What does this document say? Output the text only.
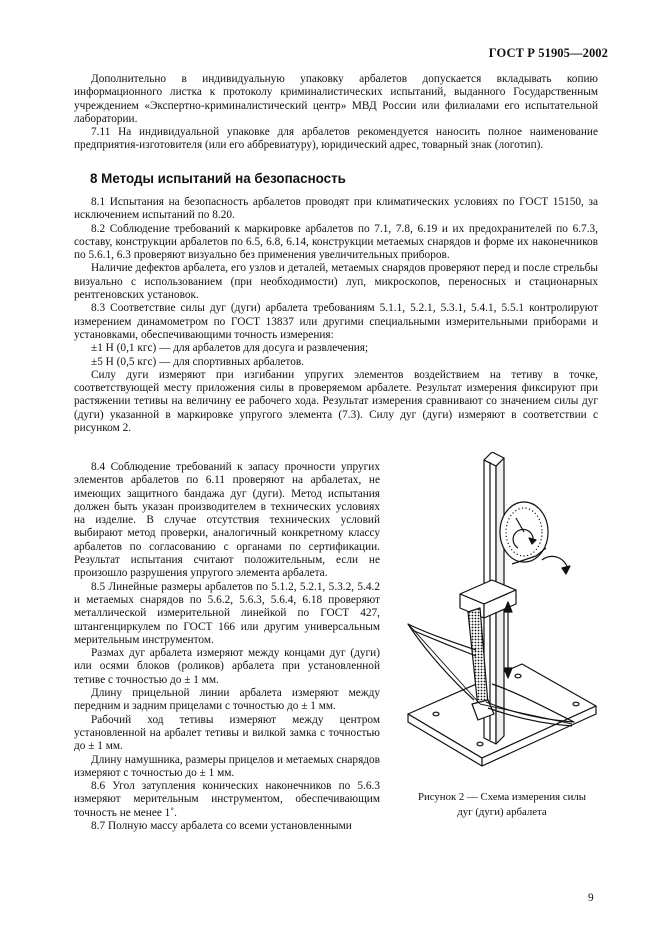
ГОСТ Р 51905—2002

Дополнительно в индивидуальную упаковку арбалетов допускается вкладывать копию информационного листка к протоколу криминалистических испытаний, выданного Государственным учреждением «Экспертно-криминалистический центр» МВД России или филиалами его испытательной лаборатории.

7.11 На индивидуальной упаковке для арбалетов рекомендуется наносить полное наименование предприятия-изготовителя (или его аббревиатуру), юридический адрес, товарный знак (логотип).

8 Методы испытаний на безопасность

8.1 Испытания на безопасность арбалетов проводят при климатических условиях по ГОСТ 15150, за исключением испытаний по 8.20.

8.2 Соблюдение требований к маркировке арбалетов по 7.1, 7.8, 6.19 и их предохранителей по 6.7.3, составу, конструкции арбалетов по 6.5, 6.8, 6.14, конструкции метаемых снарядов и форме их наконечников по 5.6.1, 6.3 проверяют визуально без применения увеличительных приборов.

Наличие дефектов арбалета, его узлов и деталей, метаемых снарядов проверяют перед и после стрельбы визуально с использованием (при необходимости) луп, микроскопов, переносных и стационарных рентгеновских установок.

8.3 Соответствие силы дуг (дуги) арбалета требованиям 5.1.1, 5.2.1, 5.3.1, 5.4.1, 5.5.1 контролируют измерением динамометром по ГОСТ 13837 или другими специальными измерительными приборами и установками, обеспечивающими точность измерения:

±1 Н (0,1 кгс) — для арбалетов для досуга и развлечения;

±5 Н (0,5 кгс) — для спортивных арбалетов.

Силу дуги измеряют при изгибании упругих элементов воздействием на тетиву в точке, соответствующей месту приложения силы в проверяемом арбалете. Результат измерения фиксируют при растяжении тетивы на величину ее рабочего хода. Результат измерения сравнивают со значением силы дуг (дуги) указанной в маркировке упругого элемента (7.3). Силу дуг (дуги) измеряют в соответствии с рисунком 2.

8.4 Соблюдение требований к запасу прочности упругих элементов арбалетов по 6.11 проверяют на арбалетах, не имеющих защитного бандажа дуг (дуги). Метод испытания должен быть указан производителем в технических условиях на изделие. В случае отсутствия технических условий выбирают метод проверки, аналогичный конкретному классу арбалетов по согласованию с органами по сертификации. Результат испытания считают положительным, если не произошло разрушения упругого элемента арбалета.

8.5 Линейные размеры арбалетов по 5.1.2, 5.2.1, 5.3.2, 5.4.2 и метаемых снарядов по 5.6.2, 5.6.3, 5.6.4, 6.18 проверяют металлической измерительной линейкой по ГОСТ 427, штангенциркулем по ГОСТ 166 или другим универсальным мерительным инструментом.

Размах дуг арбалета измеряют между концами дуг (дуги) или осями блоков (роликов) арбалета при установленной тетиве с точностью до ± 1 мм.

Длину прицельной линии арбалета измеряют между передним и задним прицелами с точностью до ± 1 мм.

Рабочий ход тетивы измеряют между центром установленной на арбалет тетивы и вилкой замка с точностью до ± 1 мм.

Длину намушника, размеры прицелов и метаемых снарядов измеряют с точностью до ± 1 мм.

8.6 Угол затупления конических наконечников по 5.6.3 измеряют мерительным инструментом, обеспечивающим точность не менее 1˚.

8.7 Полную массу арбалета со всеми установленными

Рисунок 2 — Схема измерения силы
дуг (дуги) арбалета
9
